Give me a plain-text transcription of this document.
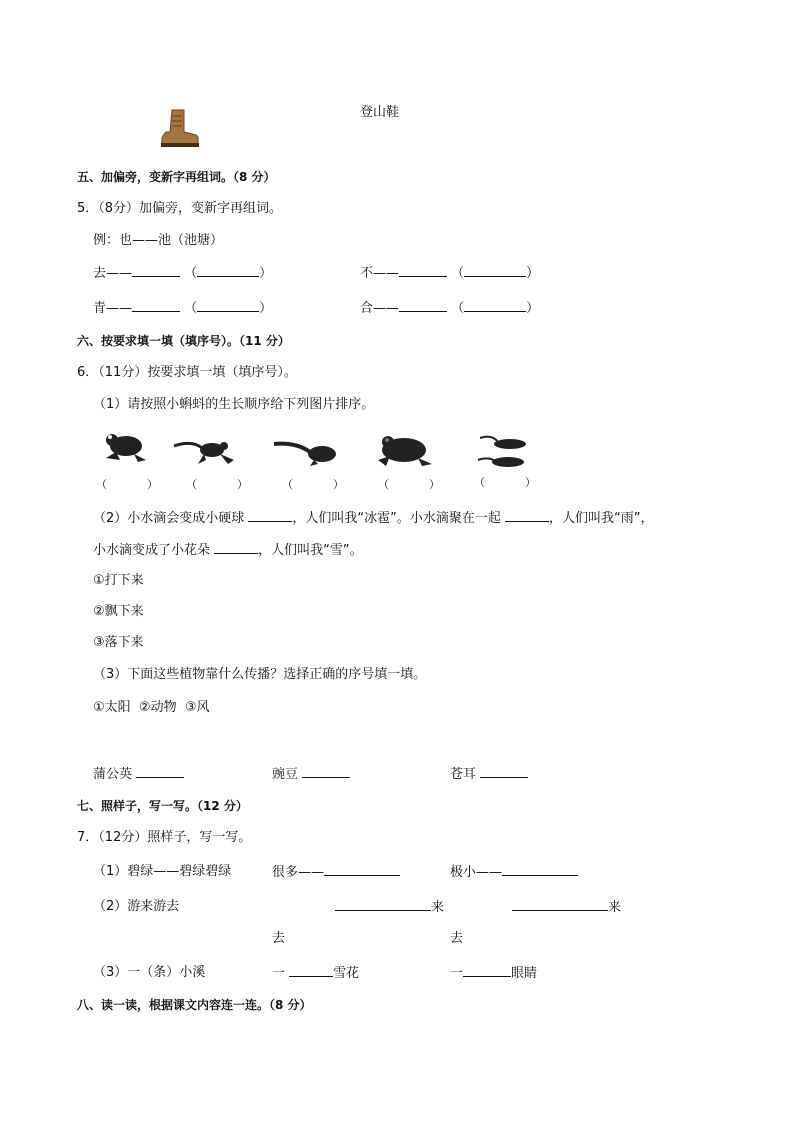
登山鞋
五、加偏旁，变新字再组词。（8 分）
5．（8分）加偏旁，变新字再组词。
例：也——池（池塘）
去——	（	）	不——	（	）
青——	（	）	合——	（	）
六、按要求填一填（填序号）。（11 分）
6．（11分）按要求填一填（填序号）。
（1）请按照小蝌蚪的生长顺序给下列图片排序。
（	）	（	）	（	）	（	）	（	）
（2）小水滴会变成小硬球	，人们叫我“冰雹”。小水滴聚在一起	，人们叫我“雨”，
小水滴变成了小花朵	，人们叫我“雪”。
①打下来
②飘下来
③落下来
（3）下面这些植物靠什么传播？选择正确的序号填一填。
①太阳  ②动物  ③风
蒲公英	豌豆	苍耳
七、照样子，写一写。（12 分）
7．（12分）照样子，写一写。
（1）碧绿——碧绿碧绿	很多——	极小——
（2）游来游去	来	来
去	去
（3）一（条）小溪	一	雪花	一	眼睛
八、读一读，根据课文内容连一连。（8 分）
